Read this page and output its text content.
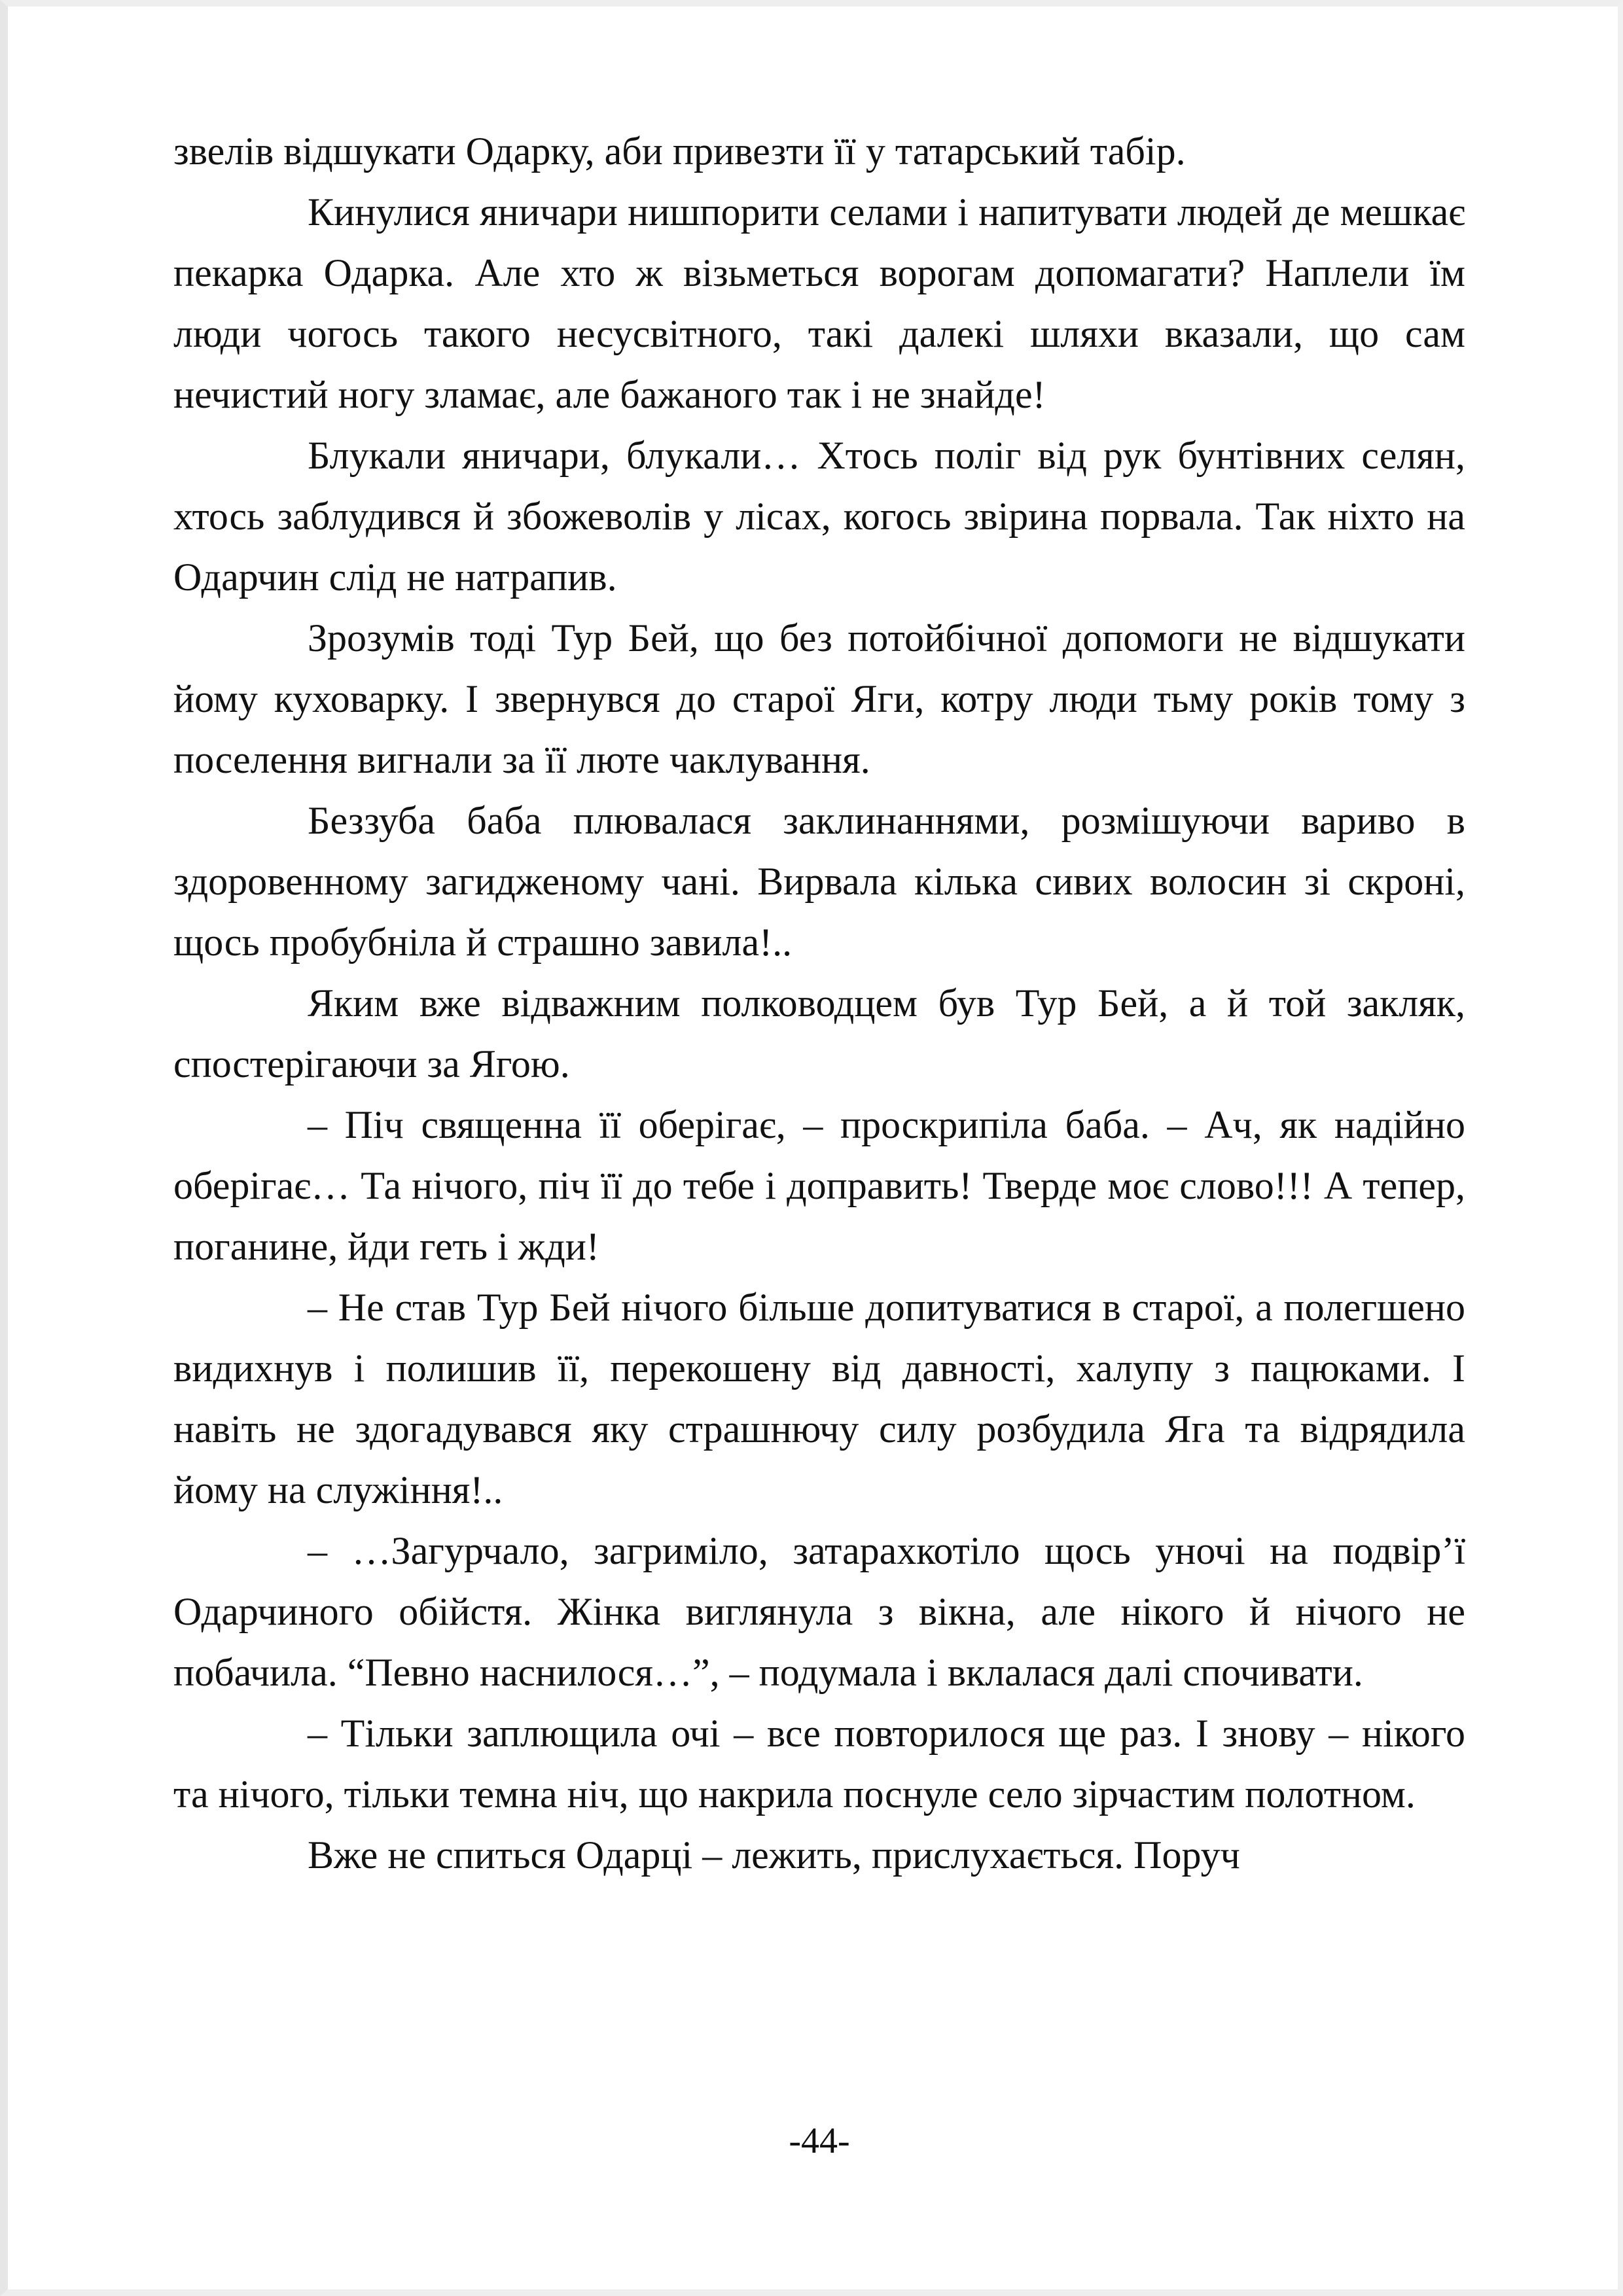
звелів відшукати Одарку, аби привезти її у татарський табір.

Кинулися яничари нишпорити селами і напитувати людей де мешкає пекарка Одарка. Але хто ж візьметься ворогам допомагати? Наплели їм люди чогось такого несусвітного, такі далекі шляхи вказали, що сам нечистий ногу зламає, але бажаного так і не знайде!

Блукали яничари, блукали… Хтось поліг від рук бунтівних селян, хтось заблудився й збожеволів у лісах, когось звірина порвала. Так ніхто на Одарчин слід не натрапив.

Зрозумів тоді Тур Бей, що без потойбічної допомоги не відшукати йому куховарку. І звернувся до старої Яги, котру люди тьму років тому з поселення вигнали за її люте чаклування.

Беззуба баба плювалася заклинаннями, розмішуючи вариво в здоровенному загидженому чані. Вирвала кілька сивих волосин зі скроні, щось пробубніла й страшно завила!..

Яким вже відважним полководцем був Тур Бей, а й той закляк, спостерігаючи за Ягою.

– Піч священна її оберігає, – проскрипіла баба. – Ач, як надійно оберігає… Та нічого, піч її до тебе і доправить! Тверде моє слово!!! А тепер, поганине, йди геть і жди!

– Не став Тур Бей нічого більше допитуватися в старої, а полегшено видихнув і полишив її, перекошену від давності, халупу з пацюками. І навіть не здогадувався яку страшнючу силу розбудила Яга та відрядила йому на служіння!..

– …Загурчало, загриміло, затарахкотіло щось уночі на подвір’ї Одарчиного обійстя. Жінка виглянула з вікна, але нікого й нічого не побачила. “Певно наснилося…”, – подумала і вклалася далі спочивати.

– Тільки заплющила очі – все повторилося ще раз. І знову – нікого та нічого, тільки темна ніч, що накрила поснуле село зірчастим полотном.

Вже не спиться Одарці – лежить, прислухається. Поруч

-44-
